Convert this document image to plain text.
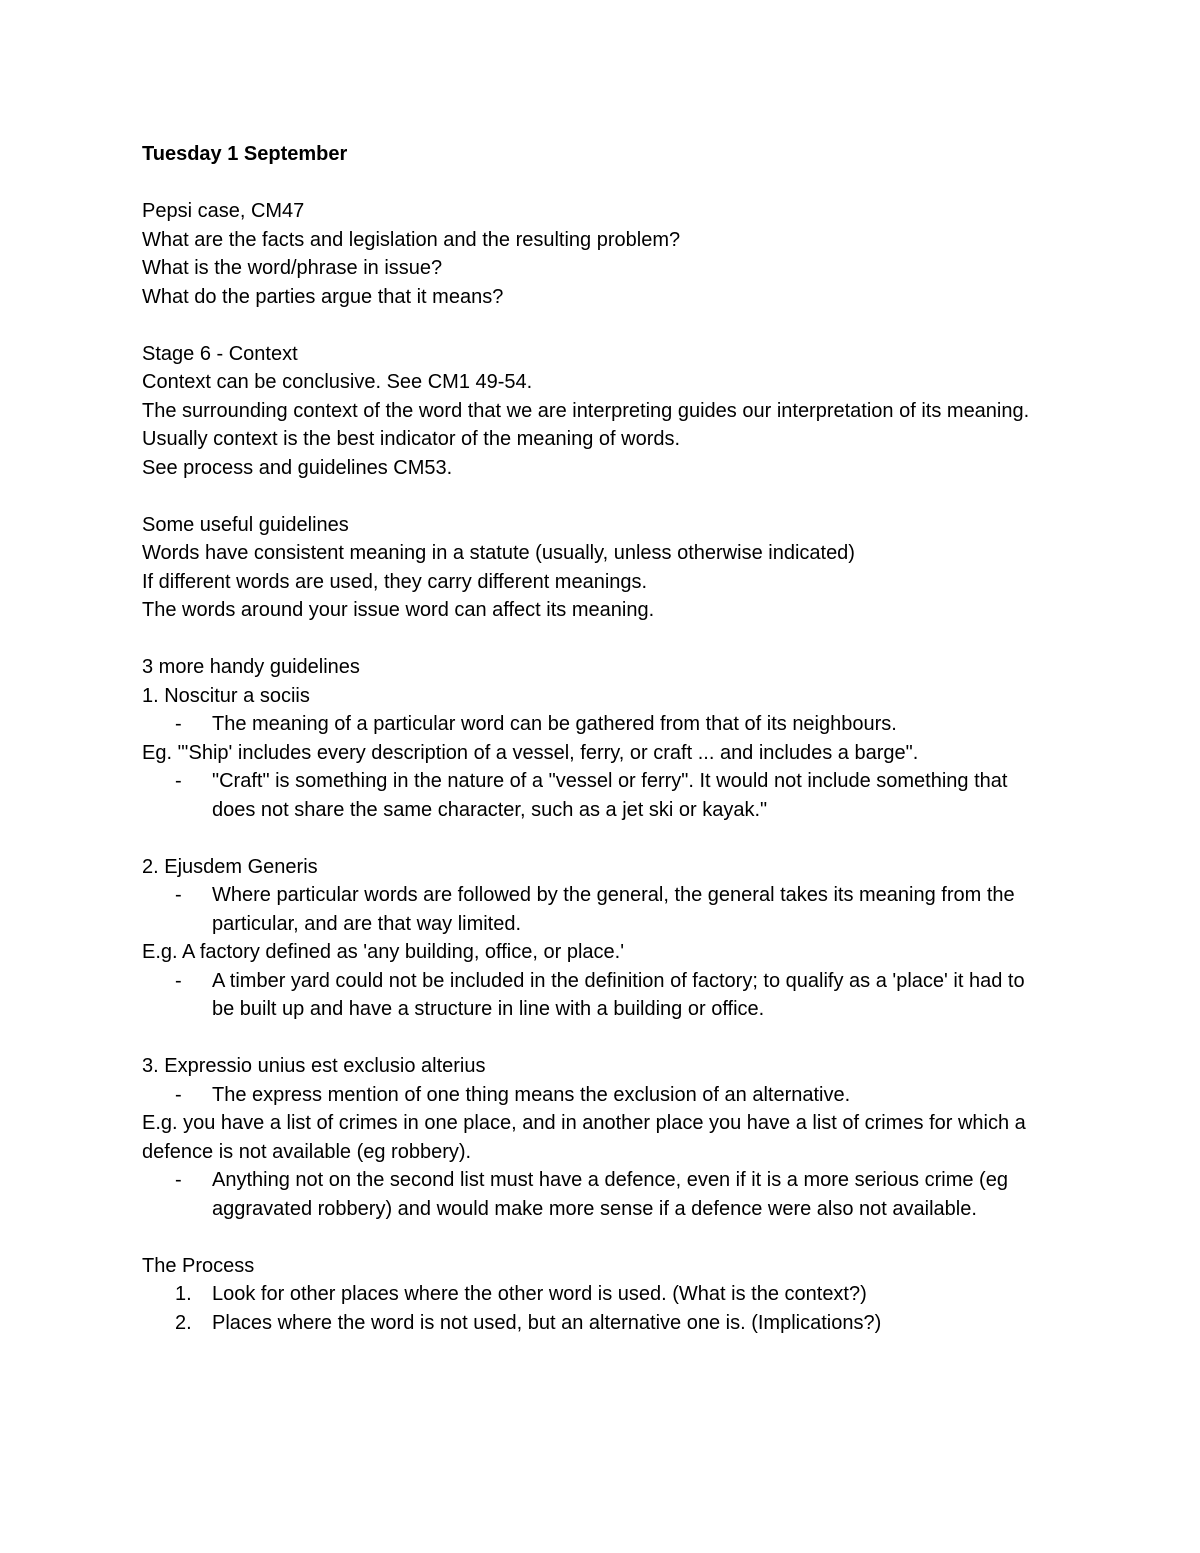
Tuesday 1 September

Pepsi case, CM47

What are the facts and legislation and the resulting problem?

What is the word/phrase in issue?

What do the parties argue that it means?

Stage 6 - Context

Context can be conclusive. See CM1 49-54.

The surrounding context of the word that we are interpreting guides our interpretation of its meaning.

Usually context is the best indicator of the meaning of words.

See process and guidelines CM53.

Some useful guidelines

Words have consistent meaning in a statute (usually, unless otherwise indicated)

If different words are used, they carry different meanings.

The words around your issue word can affect its meaning.

3 more handy guidelines

1. Noscitur a sociis

- The meaning of a particular word can be gathered from that of its neighbours.

Eg. "'Ship' includes every description of a vessel, ferry, or craft ... and includes a barge".

- "Craft" is something in the nature of a "vessel or ferry". It would not include something that does not share the same character, such as a jet ski or kayak."

2. Ejusdem Generis

- Where particular words are followed by the general, the general takes its meaning from the particular, and are that way limited.

E.g. A factory defined as 'any building, office, or place.'

- A timber yard could not be included in the definition of factory; to qualify as a 'place' it had to be built up and have a structure in line with a building or office.

3. Expressio unius est exclusio alterius

- The express mention of one thing means the exclusion of an alternative.

E.g. you have a list of crimes in one place, and in another place you have a list of crimes for which a defence is not available (eg robbery).

- Anything not on the second list must have a defence, even if it is a more serious crime (eg aggravated robbery) and would make more sense if a defence were also not available.

The Process

1. Look for other places where the other word is used. (What is the context?)
2. Places where the word is not used, but an alternative one is. (Implications?)
